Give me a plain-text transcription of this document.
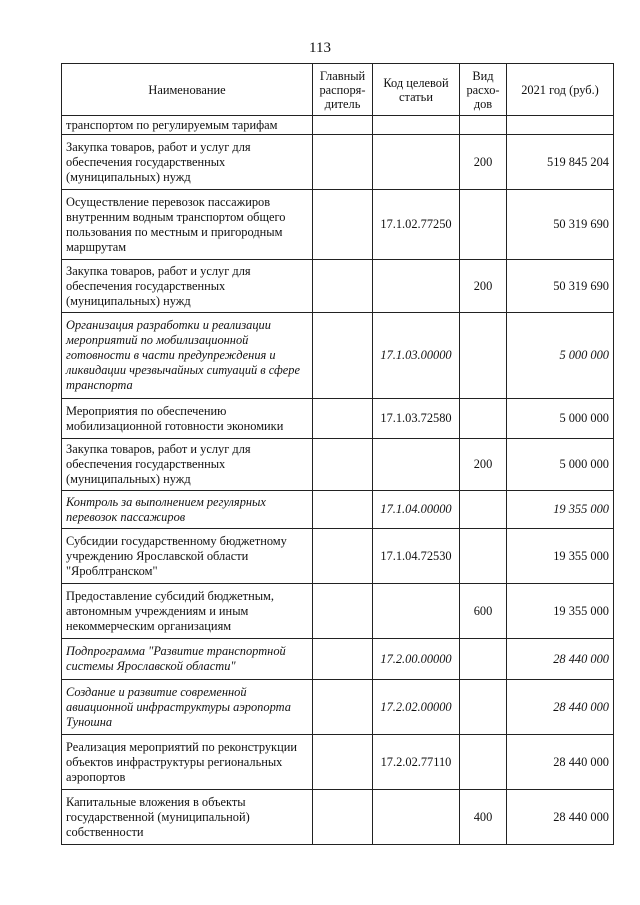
113
Наименование	Главный распоря-дитель	Код целевой статьи	Вид расхо-дов	2021 год (руб.)
транспортом по регулируемым тарифам				
Закупка товаров, работ и услуг для обеспечения государственных (муниципальных) нужд			200	519 845 204
Осуществление перевозок пассажиров внутренним водным транспортом общего пользования по местным и пригородным маршрутам		17.1.02.77250		50 319 690
Закупка товаров, работ и услуг для обеспечения государственных (муниципальных) нужд			200	50 319 690
Организация разработки и реализации мероприятий по мобилизационной готовности в части предупреждения и ликвидации чрезвычайных ситуаций в сфере транспорта		17.1.03.00000		5 000 000
Мероприятия по обеспечению мобилизационной готовности экономики		17.1.03.72580		5 000 000
Закупка товаров, работ и услуг для обеспечения государственных (муниципальных) нужд			200	5 000 000
Контроль за выполнением регулярных перевозок пассажиров		17.1.04.00000		19 355 000
Субсидии государственному бюджетному учреждению Ярославской области "Яроблтранском"		17.1.04.72530		19 355 000
Предоставление субсидий бюджетным, автономным учреждениям и иным некоммерческим организациям			600	19 355 000
Подпрограмма "Развитие транспортной системы Ярославской области"		17.2.00.00000		28 440 000
Создание и развитие современной авиационной инфраструктуры аэропорта Туношна		17.2.02.00000		28 440 000
Реализация мероприятий по реконструкции объектов инфраструктуры региональных аэропортов		17.2.02.77110		28 440 000
Капитальные вложения в объекты государственной (муниципальной) собственности			400	28 440 000
